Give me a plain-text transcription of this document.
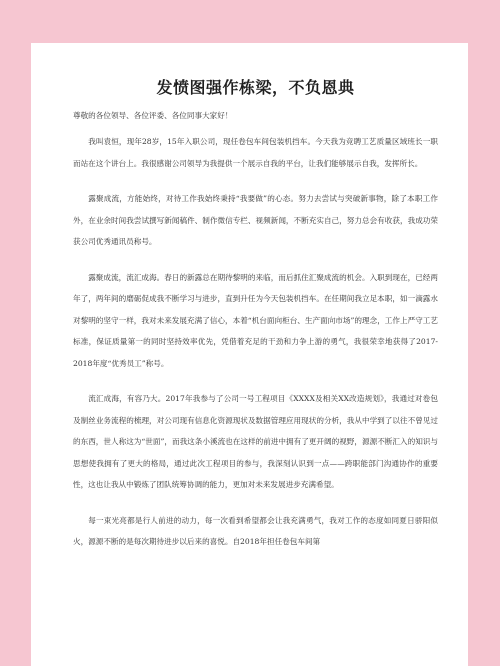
发愤图强作栋梁，不负恩典

尊敬的各位领导、各位评委、各位同事大家好！

我叫袁恒，现年28岁，15年入职公司，现任卷包车间包装机挡车。今天我为竞聘工艺质量区域班长一职而站在这个讲台上。我很感谢公司领导为我提供一个展示自我的平台，让我们能够展示自我，发挥所长。

露聚成流，方能始终，对待工作我始终秉持“我要做”的心态。努力去尝试与突破新事物，除了本职工作外，在业余时间我尝试撰写新闻稿件、制作微信专栏、视频新闻，不断充实自己，努力总会有收获，我成功荣获公司优秀通讯员称号。

露聚成流，流汇成海。春日的新露总在期待黎明的来临，而后抓住汇聚成流的机会。入职到现在，已经两年了，两年间的磨砺促成我不断学习与进步，直到升任为今天包装机挡车。在任期间我立足本职，如一滴露水对黎明的坚守一样，我对未来发展充满了信心，本着“机台面向柜台、生产面向市场”的理念，工作上严守工艺标准，保证质量第一的同时坚持效率优先，凭借着充足的干劲和力争上游的勇气，我很荣幸地获得了2017-2018年度“优秀员工”称号。

流汇成海，有容乃大。2017年我参与了公司一号工程项目《XXXX及相关XX改造规划》，我通过对卷包及制丝业务流程的梳理，对公司现有信息化资源现状及数据管理应用现状的分析，我从中学到了以往不曾见过的东西，世人称这为“世面”，而我这条小溪流也在这样的前进中拥有了更开阔的视野，源源不断汇入的知识与思想使我拥有了更大的格局，通过此次工程项目的参与，我深刻认识到一点——跨职能部门沟通协作的重要性，这也让我从中锻炼了团队统筹协调的能力，更加对未来发展进步充满希望。

每一束光亮都是行人前进的动力，每一次看到希望都会让我充满勇气，我对工作的态度如同夏日骄阳似火，源源不断的是每次期待进步以后来的喜悦。自2018年担任卷包车间第
